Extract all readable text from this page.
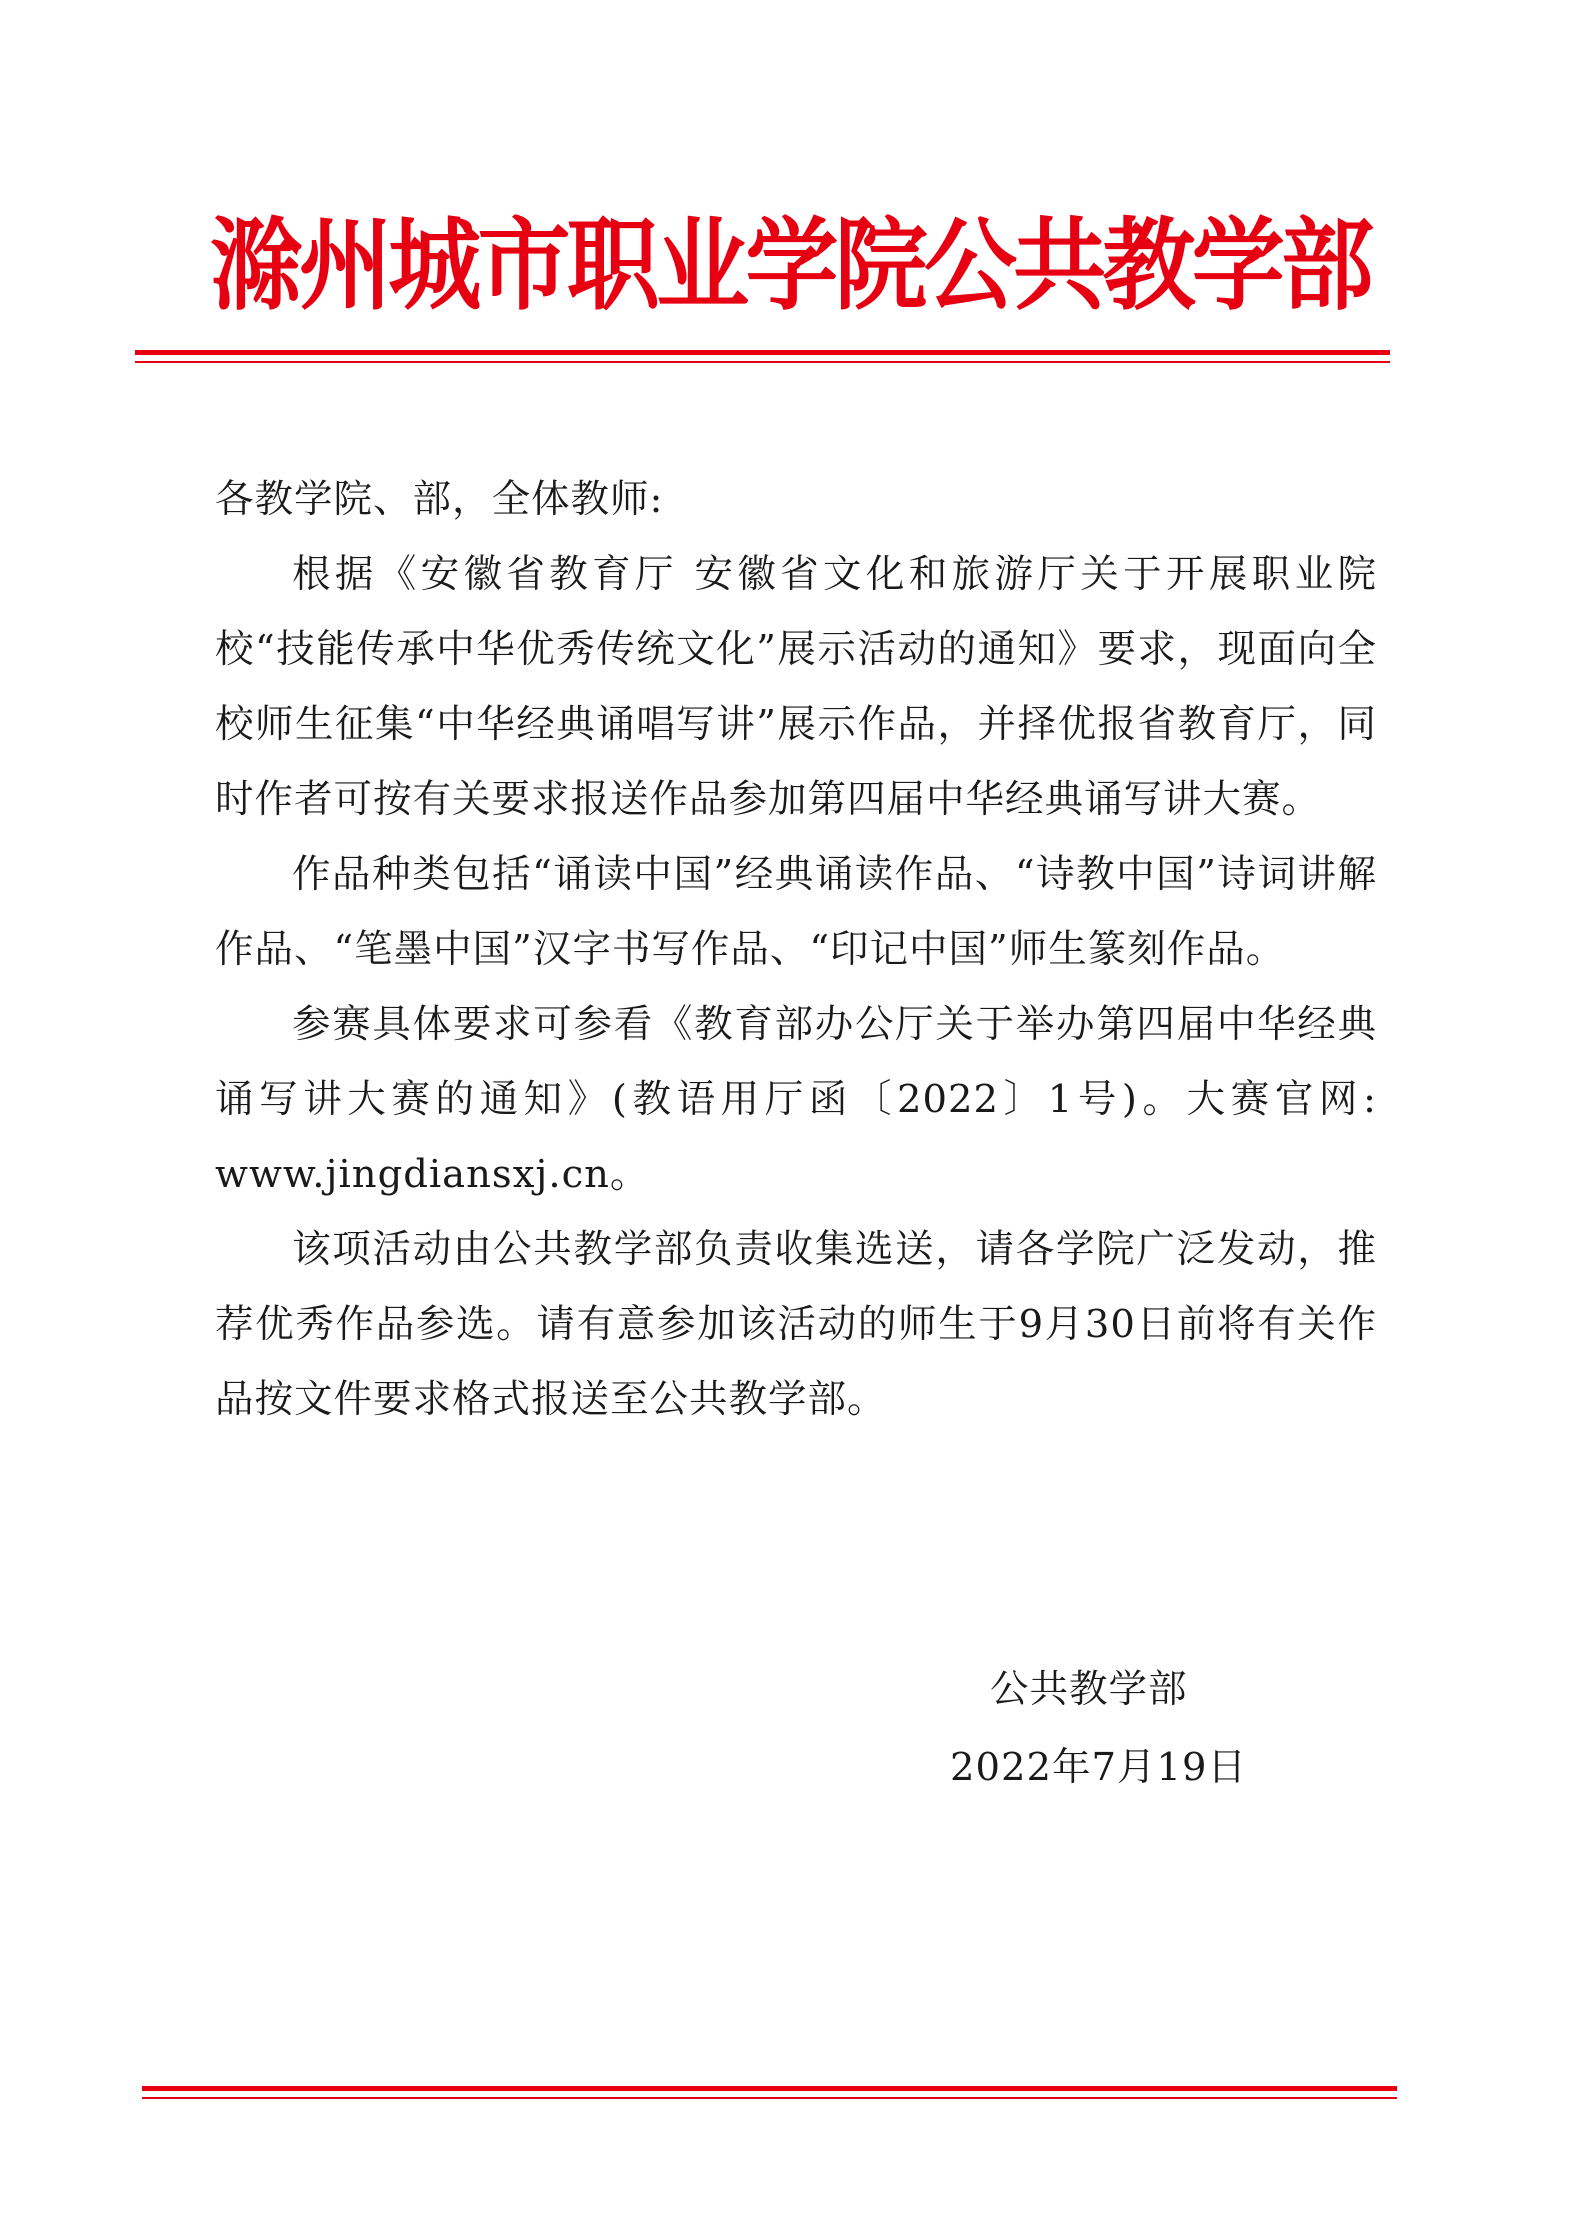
滁州城市职业学院公共教学部

各教学院、部，全体教师:

根据《安徽省教育厅 安徽省文化和旅游厅关于开展职业院校“技能传承中华优秀传统文化”展示活动的通知》要求，现面向全校师生征集“中华经典诵唱写讲”展示作品，并择优报省教育厅，同时作者可按有关要求报送作品参加第四届中华经典诵写讲大赛。

作品种类包括“诵读中国”经典诵读作品、“诗教中国”诗词讲解作品、“笔墨中国”汉字书写作品、“印记中国”师生篆刻作品。

参赛具体要求可参看《教育部办公厅关于举办第四届中华经典诵写讲大赛的通知》(教语用厅函〔2022〕1号)。大赛官网: www.jingdiansxj.cn。

该项活动由公共教学部负责收集选送，请各学院广泛发动，推荐优秀作品参选。请有意参加该活动的师生于9月30日前将有关作品按文件要求格式报送至公共教学部。

公共教学部
2022年7月19日
